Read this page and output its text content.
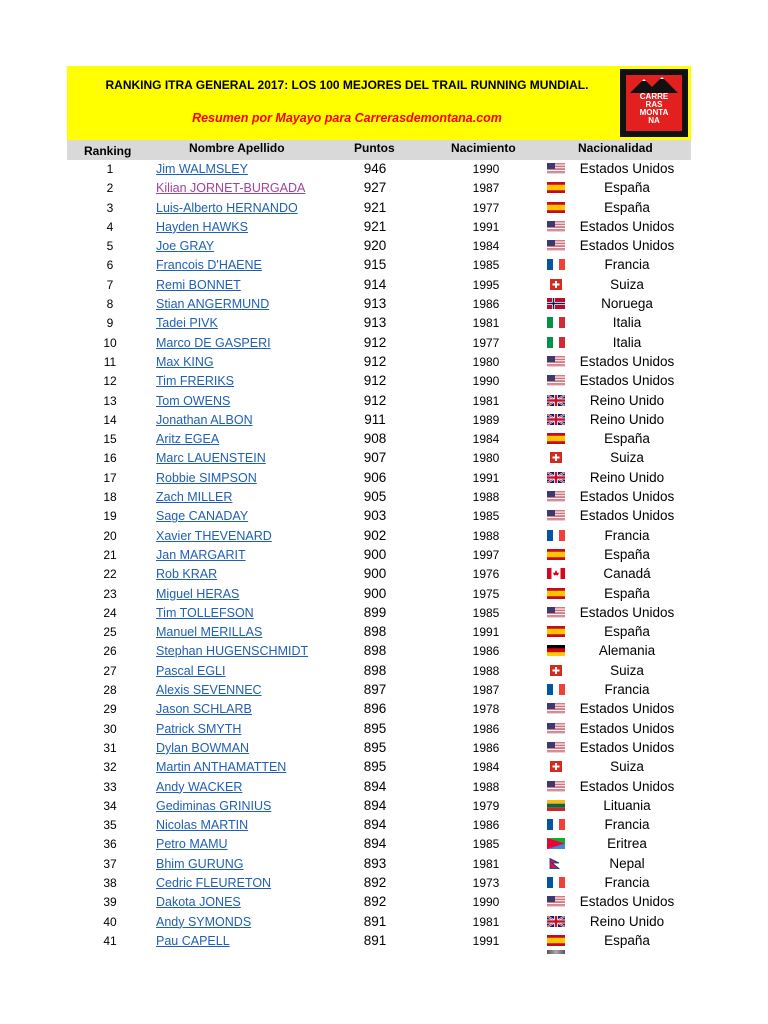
RANKING ITRA GENERAL 2017: LOS 100 MEJORES DEL TRAIL RUNNING MUNDIAL.
Resumen por Mayayo para Carrerasdemontana.com
CARRE
RAS
MONTA
NA
Ranking	Nombre Apellido	Puntos	Nacimiento	Nacionalidad
1	Jim WALMSLEY	946	1990	Estados Unidos
2	Kilian JORNET-BURGADA	927	1987	España
3	Luis-Alberto HERNANDO	921	1977	España
4	Hayden HAWKS	921	1991	Estados Unidos
5	Joe GRAY	920	1984	Estados Unidos
6	Francois D'HAENE	915	1985	Francia
7	Remi BONNET	914	1995	Suiza
8	Stian ANGERMUND	913	1986	Noruega
9	Tadei PIVK	913	1981	Italia
10	Marco DE GASPERI	912	1977	Italia
11	Max KING	912	1980	Estados Unidos
12	Tim FRERIKS	912	1990	Estados Unidos
13	Tom OWENS	912	1981	Reino Unido
14	Jonathan ALBON	911	1989	Reino Unido
15	Aritz EGEA	908	1984	España
16	Marc LAUENSTEIN	907	1980	Suiza
17	Robbie SIMPSON	906	1991	Reino Unido
18	Zach MILLER	905	1988	Estados Unidos
19	Sage CANADAY	903	1985	Estados Unidos
20	Xavier THEVENARD	902	1988	Francia
21	Jan MARGARIT	900	1997	España
22	Rob KRAR	900	1976	Canadá
23	Miguel HERAS	900	1975	España
24	Tim TOLLEFSON	899	1985	Estados Unidos
25	Manuel MERILLAS	898	1991	España
26	Stephan HUGENSCHMIDT	898	1986	Alemania
27	Pascal EGLI	898	1988	Suiza
28	Alexis SEVENNEC	897	1987	Francia
29	Jason SCHLARB	896	1978	Estados Unidos
30	Patrick SMYTH	895	1986	Estados Unidos
31	Dylan BOWMAN	895	1986	Estados Unidos
32	Martin ANTHAMATTEN	895	1984	Suiza
33	Andy WACKER	894	1988	Estados Unidos
34	Gediminas GRINIUS	894	1979	Lituania
35	Nicolas MARTIN	894	1986	Francia
36	Petro MAMU	894	1985	Eritrea
37	Bhim GURUNG	893	1981	Nepal
38	Cedric FLEURETON	892	1973	Francia
39	Dakota JONES	892	1990	Estados Unidos
40	Andy SYMONDS	891	1981	Reino Unido
41	Pau CAPELL	891	1991	España
